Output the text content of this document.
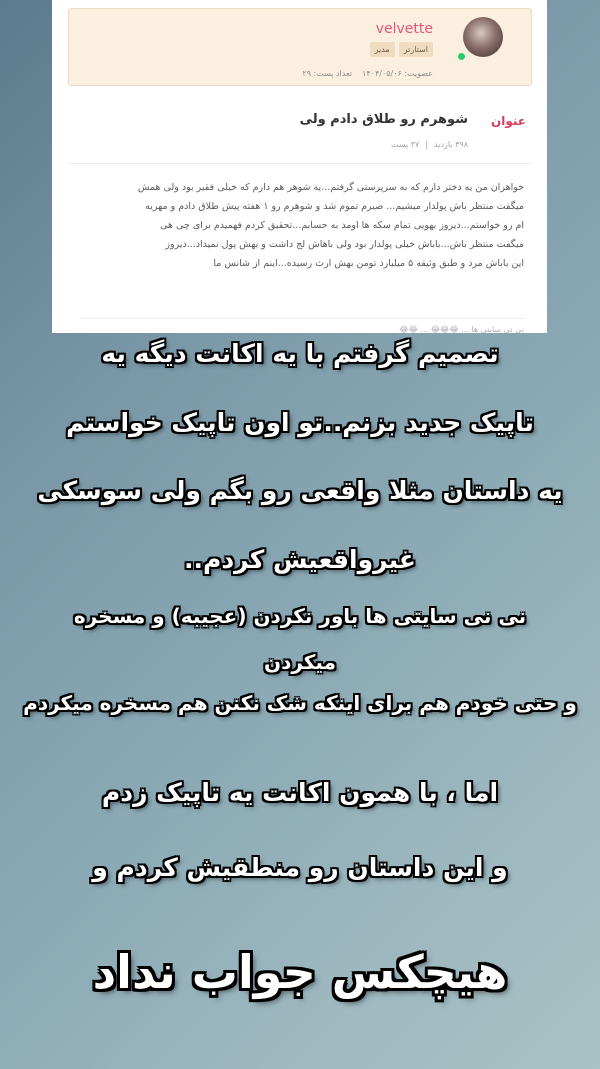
velvette
استارتر
مدیر
عضویت: ۱۴۰۴/۰۵/۰۶
تعداد پست: ۲۹
عنوان
شوهرم رو طلاق دادم ولی
۴۹۸ بازدید
|
۳۷ پست
خواهران من یه دختر دارم که به سرپرستی گرفتم...یه شوهر هم دارم که خیلی فقیر بود ولی همش
میگفت منتظر باش پولدار میشیم... صبرم تموم شد و شوهرم رو ۱ هفته پیش طلاق دادم و مهریه
ام رو خواستم...دیروز بهویی تمام سکه ها اومد به حسابم...تحقیق کردم فهمیدم برای چی هی
میگفت منتظر باش...باباش خیلی پولدار بود ولی باهاش لج داشت و بهش پول نمیداد...دیروز
این باباش مرد و طبق وثیقه ۵ میلیارد تومن بهش ارث رسیده...اینم از شانس ما
نی نی سایتی ها ... 😂😂😂 ... 😂😂
تصمیم گرفتم با یه اکانت دیگه یه
تاپیک جدید بزنم..تو اون تاپیک خواستم
یه داستان مثلا واقعی رو بگم ولی سوسکی
غیرواقعیش کردم..
نی نی سایتی ها باور نکردن (عجیبه) و مسخره
میکردن
و حتی خودم هم برای اینکه شک نکنن هم مسخره میکردم
اما ، با همون اکانت یه تاپیک زدم
و این داستان رو منطقیش کردم و
هیچکس جواب نداد
